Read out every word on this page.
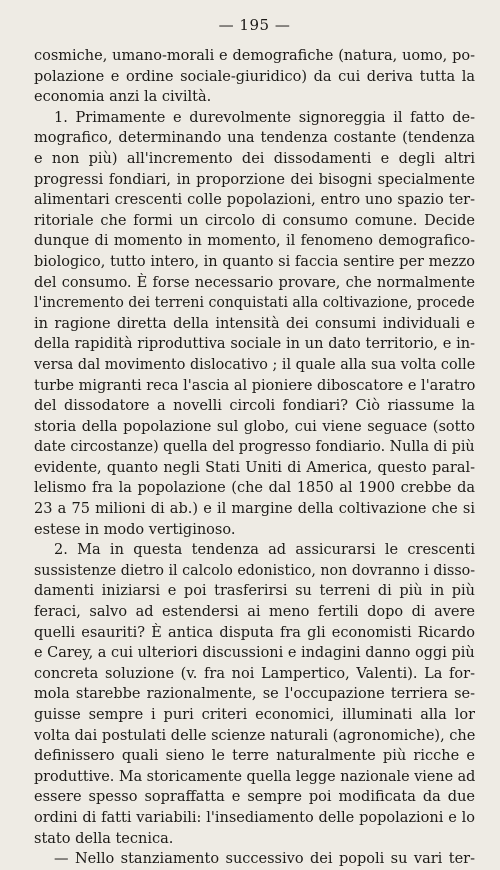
— 195 —
cosmiche, umano-morali e demografiche (natura, uomo, po-
polazione e ordine sociale-giuridico) da cui deriva tutta la
economia anzi la civiltà.
1. Primamente e durevolmente signoreggia il fatto de-
mografico, determinando una tendenza costante (tendenza
e non più) all'incremento dei dissodamenti e degli altri
progressi fondiari, in proporzione dei bisogni specialmente
alimentari crescenti colle popolazioni, entro uno spazio ter-
ritoriale che formi un circolo di consumo comune. Decide
dunque di momento in momento, il fenomeno demografico-
biologico, tutto intero, in quanto si faccia sentire per mezzo
del consumo. È forse necessario provare, che normalmente
l'incremento dei terreni conquistati alla coltivazione, procede
in ragione diretta della intensità dei consumi individuali e
della rapidità riproduttiva sociale in un dato territorio, e in-
versa dal movimento dislocativo ; il quale alla sua volta colle
turbe migranti reca l'ascia al pioniere diboscatore e l'aratro
del dissodatore a novelli circoli fondiari? Ciò riassume la
storia della popolazione sul globo, cui viene seguace (sotto
date circostanze) quella del progresso fondiario. Nulla di più
evidente, quanto negli Stati Uniti di America, questo paral-
lelismo fra la popolazione (che dal 1850 al 1900 crebbe da
23 a 75 milioni di ab.) e il margine della coltivazione che si
estese in modo vertiginoso.
2. Ma in questa tendenza ad assicurarsi le crescenti
sussistenze dietro il calcolo edonistico, non dovranno i disso-
damenti iniziarsi e poi trasferirsi su terreni di più in più
feraci, salvo ad estendersi ai meno fertili dopo di avere
quelli esauriti? È antica disputa fra gli economisti Ricardo
e Carey, a cui ulteriori discussioni e indagini danno oggi più
concreta soluzione (v. fra noi Lampertico, Valenti). La for-
mola starebbe razionalmente, se l'occupazione terriera se-
guisse sempre i puri criteri economici, illuminati alla lor
volta dai postulati delle scienze naturali (agronomiche), che
definissero quali sieno le terre naturalmente più ricche e
produttive. Ma storicamente quella legge nazionale viene ad
essere spesso sopraffatta e sempre poi modificata da due
ordini di fatti variabili: l'insediamento delle popolazioni e lo
stato della tecnica.
— Nello stanziamento successivo dei popoli su vari ter-
